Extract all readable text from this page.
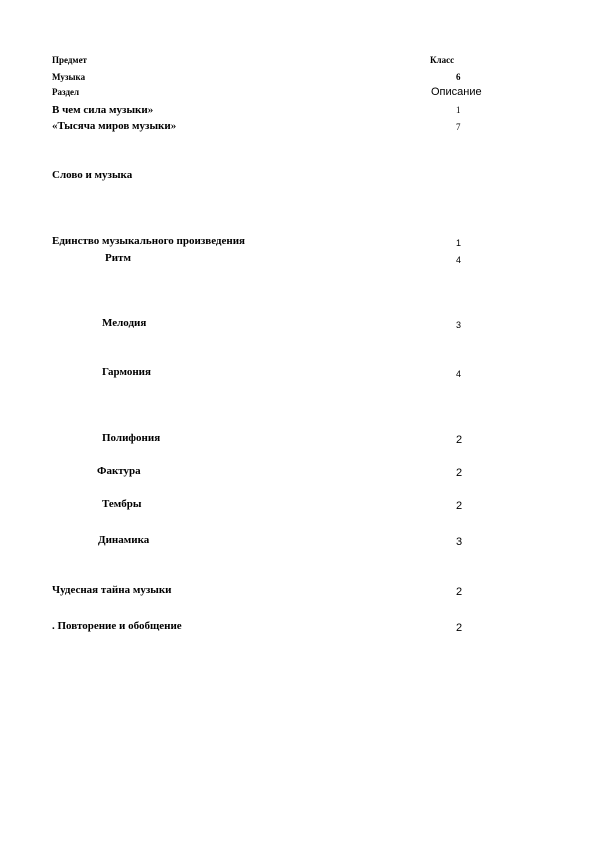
Предмет	Класс
Музыка	6
Раздел	Описание
В чем сила музыки»	1
«Тысяча миров музыки»	7
Слово и музыка
Единство музыкального произведения	1
Ритм	4
Мелодия	3
Гармония	4
Полифония	2
Фактура	2
Тембры	2
Динамика	3
Чудесная тайна музыки	2
. Повторение и обобщение	2
